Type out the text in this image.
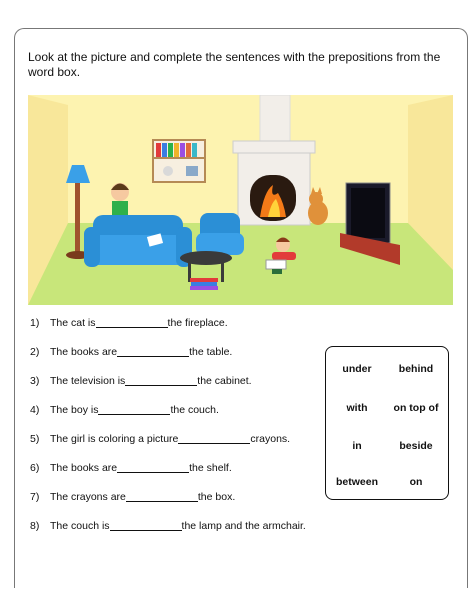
Look at the picture and complete the sentences with the prepositions from the word box.
1) The cat is	the fireplace.
2) The books are	the table.
3) The television is	the cabinet.
4) The boy is	the couch.
5) The girl is coloring a picture	crayons.
6) The books are	the shelf.
7) The crayons are	the box.
8) The couch is	the lamp and the armchair.
under	behind
with	on top of
in	beside
between	on
